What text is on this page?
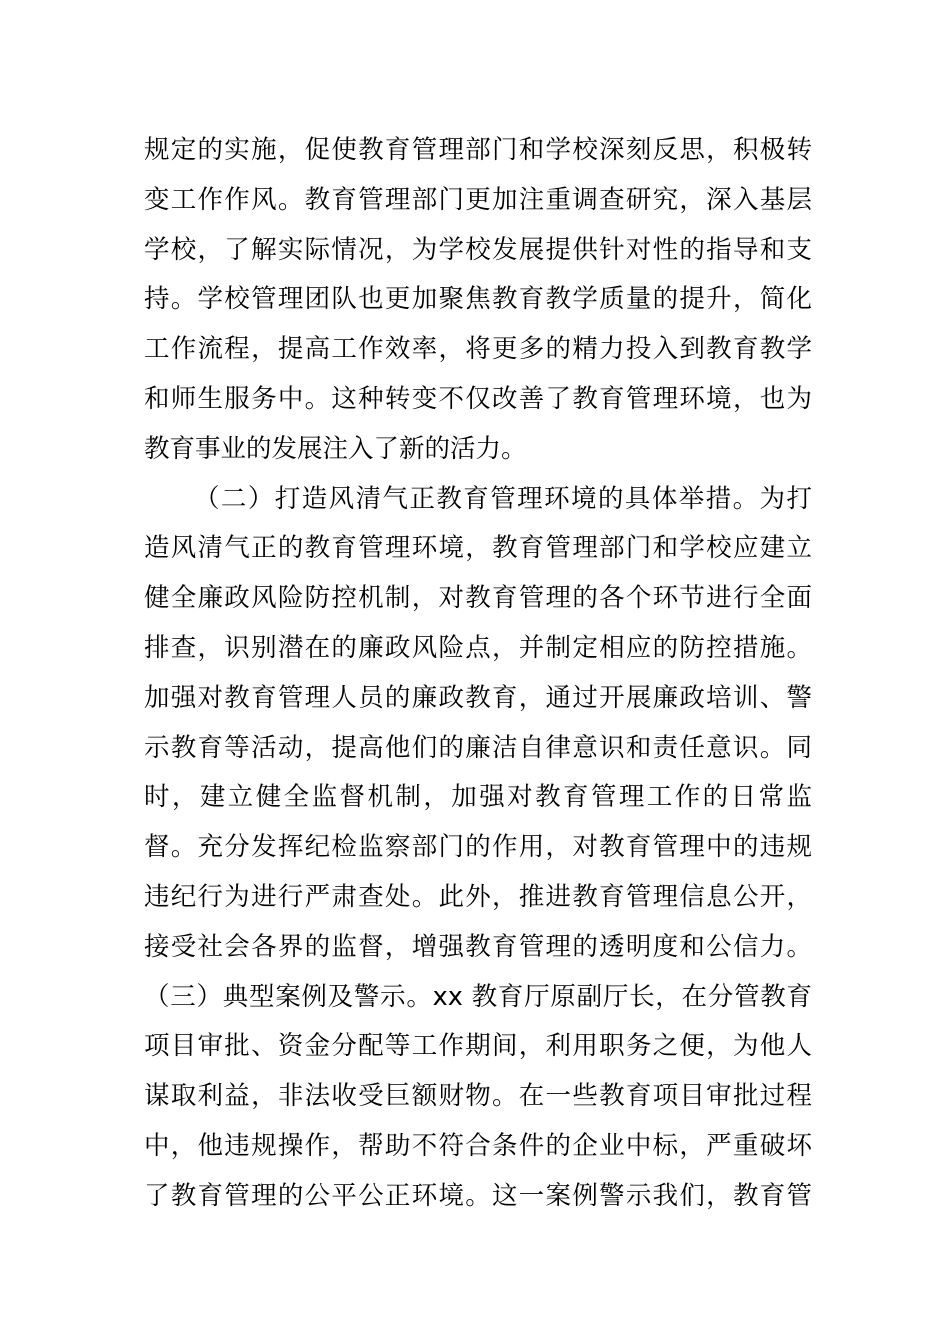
规定的实施，促使教育管理部门和学校深刻反思，积极转
变工作作风。教育管理部门更加注重调查研究，深入基层
学校，了解实际情况，为学校发展提供针对性的指导和支
持。学校管理团队也更加聚焦教育教学质量的提升，简化
工作流程，提高工作效率，将更多的精力投入到教育教学
和师生服务中。这种转变不仅改善了教育管理环境，也为
教育事业的发展注入了新的活力。
（二）打造风清气正教育管理环境的具体举措。为打
造风清气正的教育管理环境，教育管理部门和学校应建立
健全廉政风险防控机制，对教育管理的各个环节进行全面
排查，识别潜在的廉政风险点，并制定相应的防控措施。
加强对教育管理人员的廉政教育，通过开展廉政培训、警
示教育等活动，提高他们的廉洁自律意识和责任意识。同
时，建立健全监督机制，加强对教育管理工作的日常监
督。充分发挥纪检监察部门的作用，对教育管理中的违规
违纪行为进行严肃查处。此外，推进教育管理信息公开，
接受社会各界的监督，增强教育管理的透明度和公信力。
（三）典型案例及警示。xx 教育厅原副厅长，在分管教育
项目审批、资金分配等工作期间，利用职务之便，为他人
谋取利益，非法收受巨额财物。在一些教育项目审批过程
中，他违规操作，帮助不符合条件的企业中标，严重破坏
了教育管理的公平公正环境。这一案例警示我们，教育管
